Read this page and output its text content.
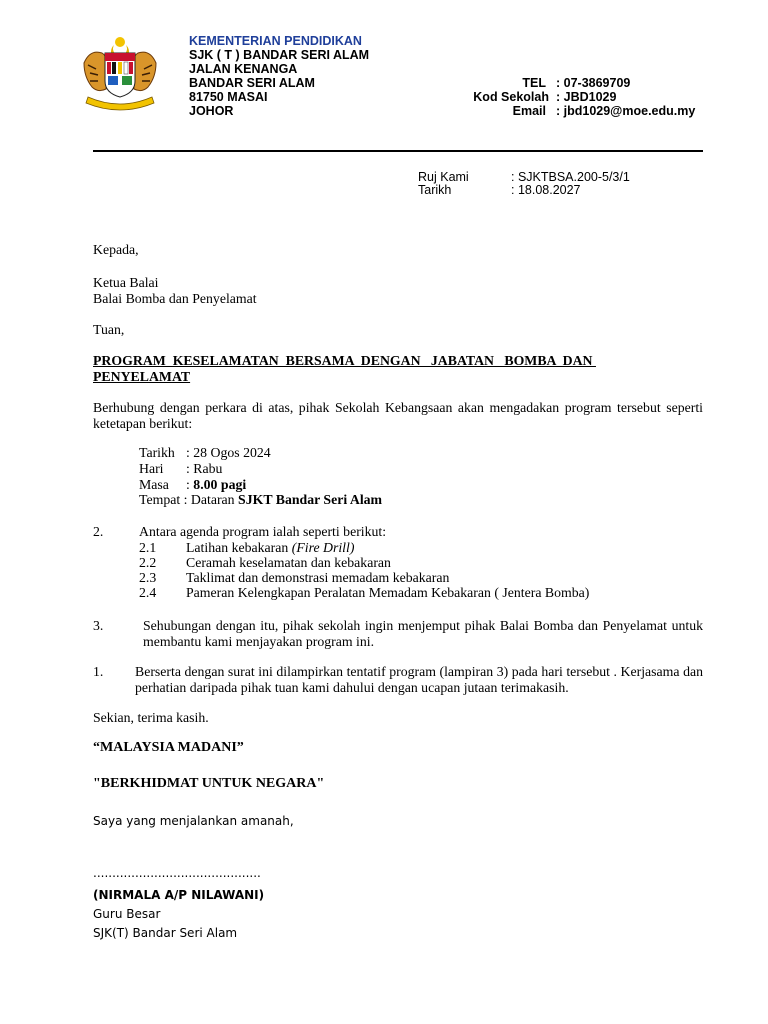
KEMENTERIAN PENDIDIKAN
SJK ( T ) BANDAR SERI ALAM
JALAN KENANGA
BANDAR SERI ALAM
81750 MASAI
JOHOR
TEL : 07-3869709
Kod Sekolah : JBD1029
Email : jbd1029@moe.edu.my
Ruj Kami	: SJKTBSA.200-5/3/1
Tarikh	: 18.08.2027
Kepada,
Ketua Balai
Balai Bomba dan Penyelamat
Tuan,
PROGRAM  KESELAMATAN  BERSAMA  DENGAN   JABATAN   BOMBA  DAN
PENYELAMAT
Berhubung dengan perkara di atas, pihak Sekolah Kebangsaan akan mengadakan program tersebut seperti ketetapan berikut:
Tarikh : 28 Ogos 2024
Hari : Rabu
Masa : 8.00 pagi
Tempat : Dataran SJKT Bandar Seri Alam
2.	Antara agenda program ialah seperti berikut:
2.1 Latihan kebakaran (Fire Drill)
2.2 Ceramah keselamatan dan kebakaran
2.3 Taklimat dan demonstrasi memadam kebakaran
2.4 Pameran Kelengkapan Peralatan Memadam Kebakaran ( Jentera Bomba)
3.	Sehubungan dengan itu, pihak sekolah ingin menjemput pihak Balai Bomba dan Penyelamat untuk membantu kami menjayakan program ini.
1. Berserta dengan surat ini dilampirkan tentatif program (lampiran 3) pada hari tersebut . Kerjasama dan perhatian daripada pihak tuan kami dahului dengan ucapan jutaan terimakasih.
Sekian, terima kasih.
“MALAYSIA MADANI”
"BERKHIDMAT UNTUK NEGARA"
Saya yang menjalankan amanah,
............................................
(NIRMALA A/P NILAWANI)
Guru Besar
SJK(T) Bandar Seri Alam
